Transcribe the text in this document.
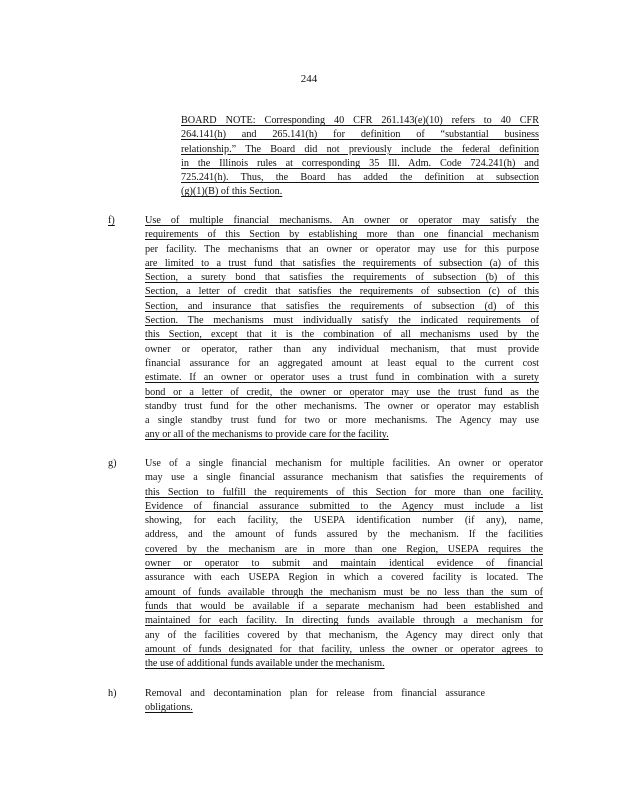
244
BOARD NOTE: Corresponding 40 CFR 261.143(e)(10) refers to 40 CFR
264.141(h) and 265.141(h) for definition of “substantial business
relationship.” The Board did not previously include the federal definition
in the Illinois rules at corresponding 35 Ill. Adm. Code 724.241(h) and
725.241(h). Thus, the Board has added the definition at subsection
(g)(1)(B) of this Section.
f)	Use of multiple financial mechanisms. An owner or operator may satisfy the
requirements of this Section by establishing more than one financial mechanism
per facility. The mechanisms that an owner or operator may use for this purpose
are limited to a trust fund that satisfies the requirements of subsection (a) of this
Section, a surety bond that satisfies the requirements of subsection (b) of this
Section, a letter of credit that satisfies the requirements of subsection (c) of this
Section, and insurance that satisfies the requirements of subsection (d) of this
Section. The mechanisms must individually satisfy the indicated requirements of
this Section, except that it is the combination of all mechanisms used by the
owner or operator, rather than any individual mechanism, that must provide
financial assurance for an aggregated amount at least equal to the current cost
estimate. If an owner or operator uses a trust fund in combination with a surety
bond or a letter of credit, the owner or operator may use the trust fund as the
standby trust fund for the other mechanisms. The owner or operator may establish
a single standby trust fund for two or more mechanisms. The Agency may use
any or all of the mechanisms to provide care for the facility.
g)	Use of a single financial mechanism for multiple facilities. An owner or operator
may use a single financial assurance mechanism that satisfies the requirements of
this Section to fulfill the requirements of this Section for more than one facility.
Evidence of financial assurance submitted to the Agency must include a list
showing, for each facility, the USEPA identification number (if any), name,
address, and the amount of funds assured by the mechanism. If the facilities
covered by the mechanism are in more than one Region, USEPA requires the
owner or operator to submit and maintain identical evidence of financial
assurance with each USEPA Region in which a covered facility is located. The
amount of funds available through the mechanism must be no less than the sum of
funds that would be available if a separate mechanism had been established and
maintained for each facility. In directing funds available through a mechanism for
any of the facilities covered by that mechanism, the Agency may direct only that
amount of funds designated for that facility, unless the owner or operator agrees to
the use of additional funds available under the mechanism.
h)	Removal and decontamination plan for release from financial assurance
obligations.
